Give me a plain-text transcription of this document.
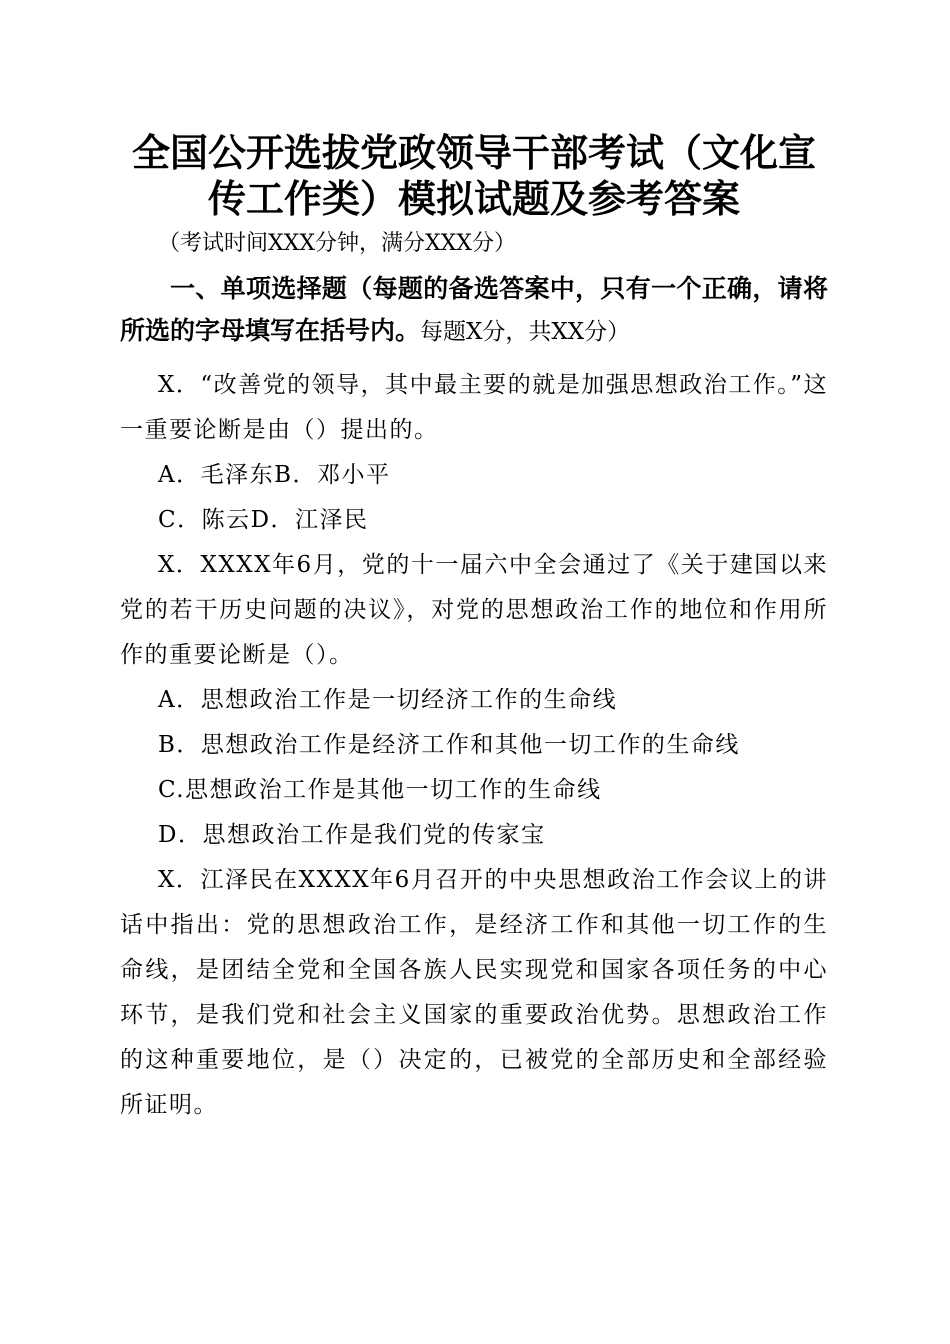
全国公开选拔党政领导干部考试（文化宣传工作类）模拟试题及参考答案

（考试时间XXX分钟，满分XXX分）

一、单项选择题（每题的备选答案中，只有一个正确，请将所选的字母填写在括号内。每题X分，共XX分）

X．“改善党的领导，其中最主要的就是加强思想政治工作。”这一重要论断是由（）提出的。

A．毛泽东B．邓小平

C．陈云D．江泽民

X．XXXX年6月，党的十一届六中全会通过了《关于建国以来党的若干历史问题的决议》，对党的思想政治工作的地位和作用所作的重要论断是（）。

A．思想政治工作是一切经济工作的生命线

B．思想政治工作是经济工作和其他一切工作的生命线

C.思想政治工作是其他一切工作的生命线

D．思想政治工作是我们党的传家宝

X．江泽民在XXXX年6月召开的中央思想政治工作会议上的讲话中指出：党的思想政治工作，是经济工作和其他一切工作的生命线，是团结全党和全国各族人民实现党和国家各项任务的中心环节，是我们党和社会主义国家的重要政治优势。思想政治工作的这种重要地位，是（）决定的，已被党的全部历史和全部经验所证明。
